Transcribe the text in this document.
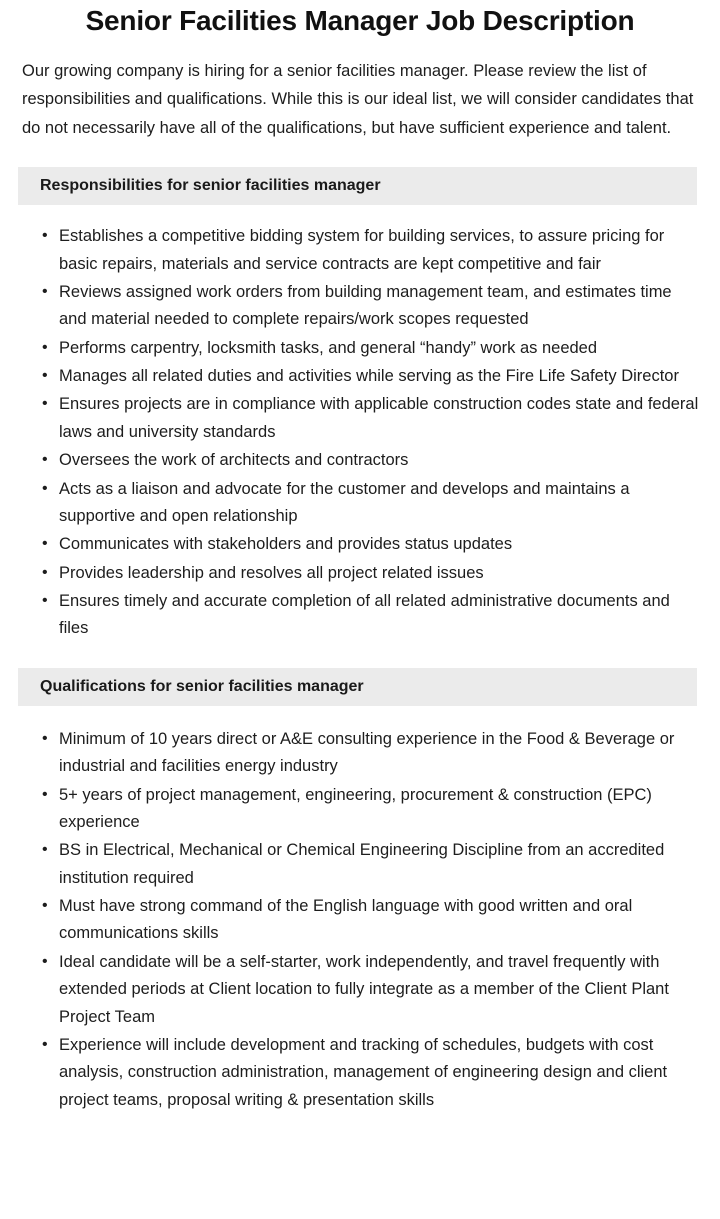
Senior Facilities Manager Job Description

Our growing company is hiring for a senior facilities manager. Please review the list of responsibilities and qualifications. While this is our ideal list, we will consider candidates that do not necessarily have all of the qualifications, but have sufficient experience and talent.

Responsibilities for senior facilities manager
• Establishes a competitive bidding system for building services, to assure pricing for basic repairs, materials and service contracts are kept competitive and fair
• Reviews assigned work orders from building management team, and estimates time and material needed to complete repairs/work scopes requested
• Performs carpentry, locksmith tasks, and general “handy” work as needed
• Manages all related duties and activities while serving as the Fire Life Safety Director
• Ensures projects are in compliance with applicable construction codes state and federal laws and university standards
• Oversees the work of architects and contractors
• Acts as a liaison and advocate for the customer and develops and maintains a supportive and open relationship
• Communicates with stakeholders and provides status updates
• Provides leadership and resolves all project related issues
• Ensures timely and accurate completion of all related administrative documents and files
Qualifications for senior facilities manager
• Minimum of 10 years direct or A&E consulting experience in the Food & Beverage or industrial and facilities energy industry
• 5+ years of project management, engineering, procurement & construction (EPC) experience
• BS in Electrical, Mechanical or Chemical Engineering Discipline from an accredited institution required
• Must have strong command of the English language with good written and oral communications skills
• Ideal candidate will be a self-starter, work independently, and travel frequently with extended periods at Client location to fully integrate as a member of the Client Plant Project Team
• Experience will include development and tracking of schedules, budgets with cost analysis, construction administration, management of engineering design and client project teams, proposal writing & presentation skills
